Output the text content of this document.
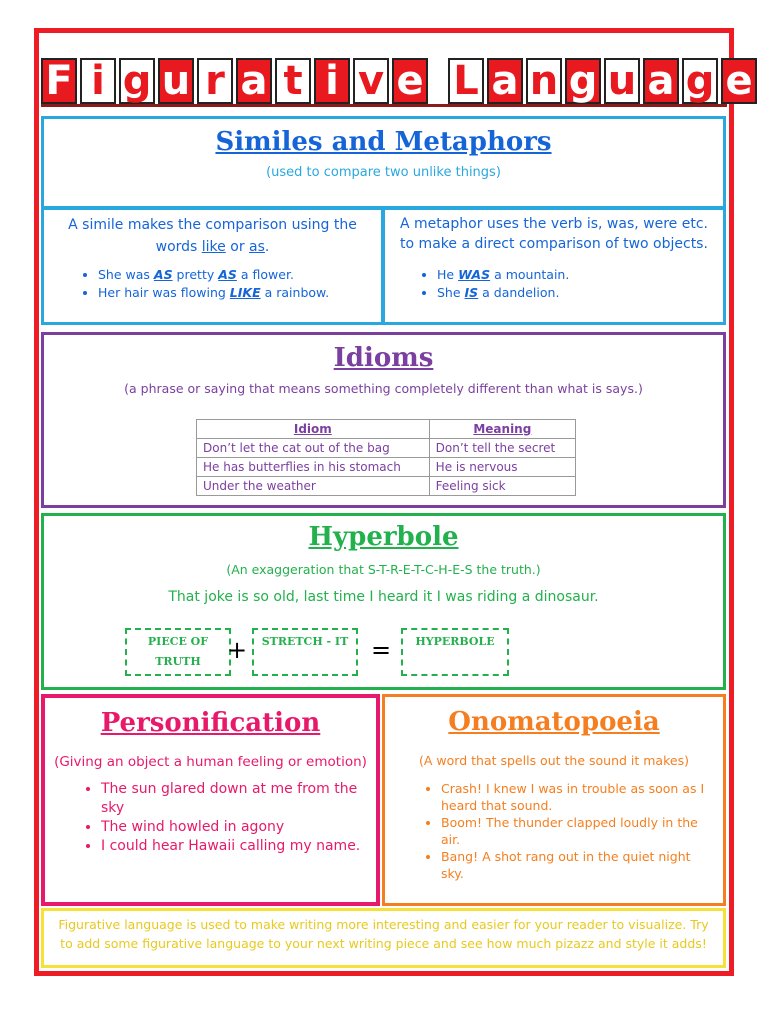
F i g u r a t i v e L a n g u a g e
Similes and Metaphors
(used to compare two unlike things)
A simile makes the comparison using the words like or as.
• She was AS pretty AS a flower.
• Her hair was flowing LIKE a rainbow.
A metaphor uses the verb is, was, were etc. to make a direct comparison of two objects.
• He WAS a mountain.
• She IS a dandelion.
Idioms
(a phrase or saying that means something completely different than what is says.)
Idiom	Meaning
Don’t let the cat out of the bag	Don’t tell the secret
He has butterflies in his stomach	He is nervous
Under the weather	Feeling sick
Hyperbole
(An exaggeration that S-T-R-E-T-C-H-E-S the truth.)
That joke is so old, last time I heard it I was riding a dinosaur.
PIECE OF
TRUTH	+	STRETCH - IT =	HYPERBOLE
Personification
(Giving an object a human feeling or emotion)
• The sun glared down at me from the sky
• The wind howled in agony
• I could hear Hawaii calling my name.
Onomatopoeia
(A word that spells out the sound it makes)
• Crash! I knew I was in trouble as soon as I heard that sound.
• Boom! The thunder clapped loudly in the air.
• Bang! A shot rang out in the quiet night sky.
Figurative language is used to make writing more interesting and easier for your reader to visualize. Try to add some figurative language to your next writing piece and see how much pizazz and style it adds!
